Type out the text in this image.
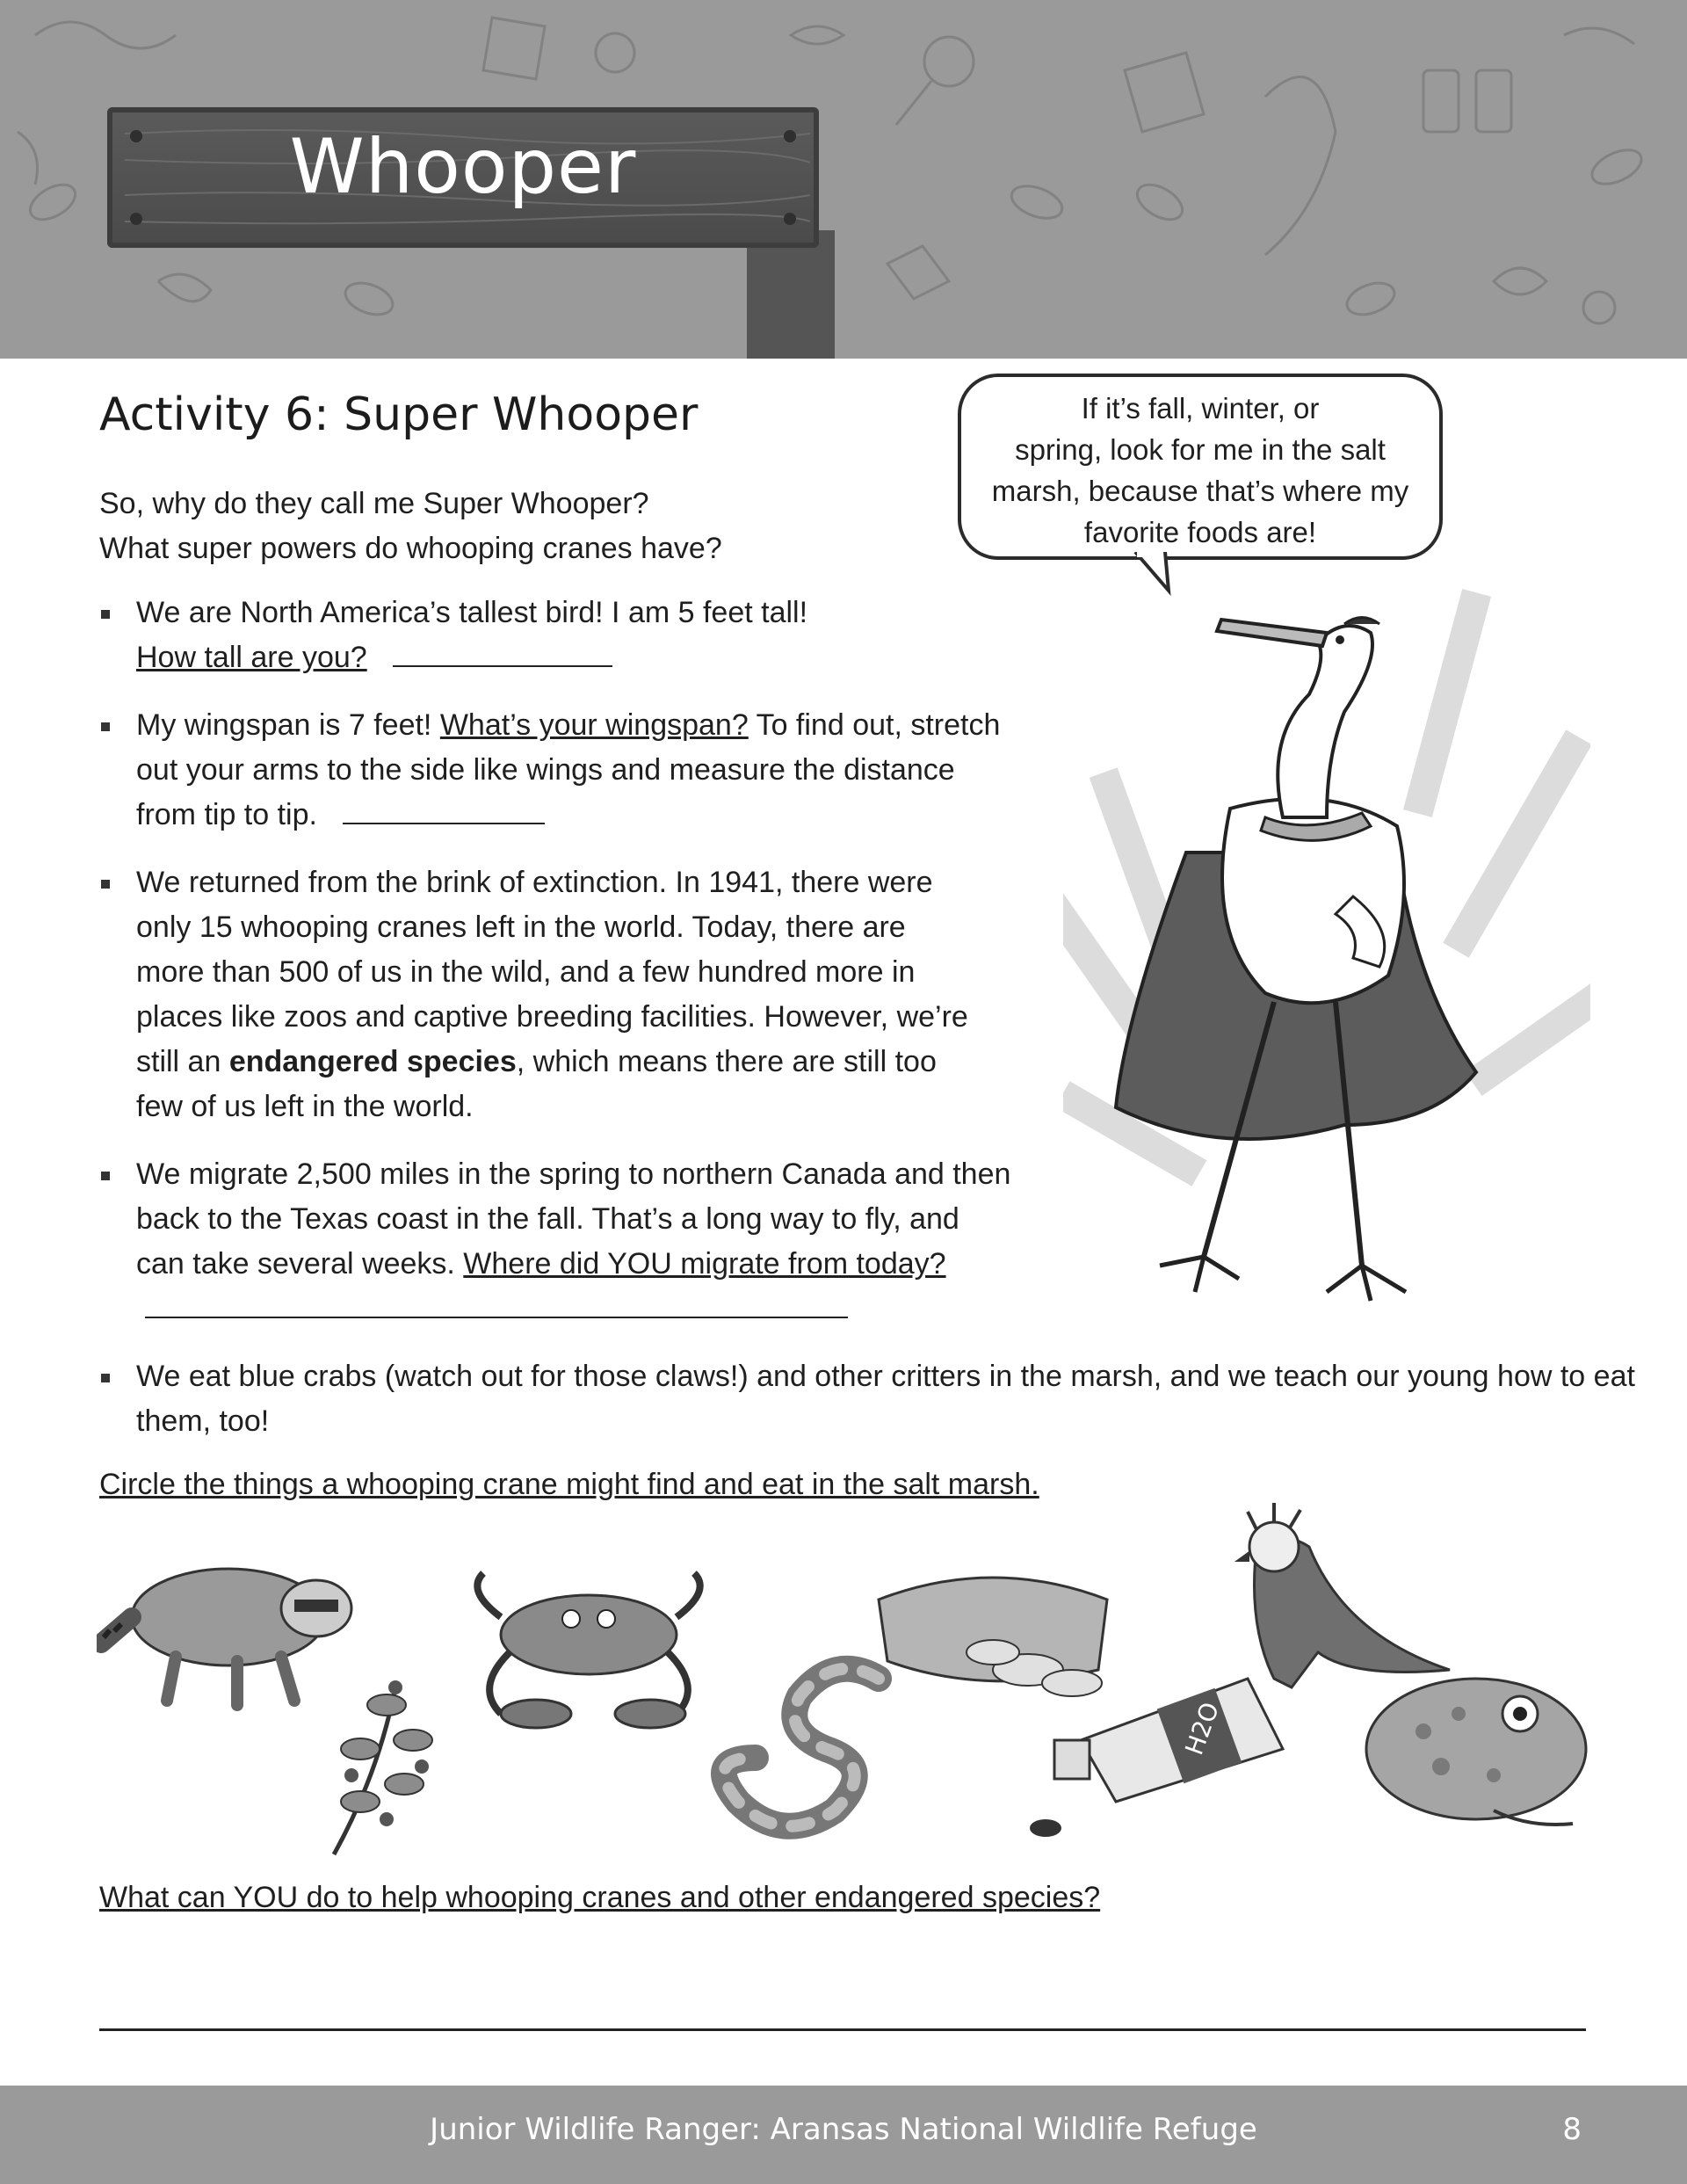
Whooper
Activity 6: Super Whooper
So, why do they call me Super Whooper?
What super powers do whooping cranes have?
We are North America’s tallest bird! I am 5 feet tall!
How tall are you?
My wingspan is 7 feet! What’s your wingspan? To find out, stretch out your arms to the side like wings and measure the distance from tip to tip.
We returned from the brink of extinction. In 1941, there were only 15 whooping cranes left in the world. Today, there are more than 500 of us in the wild, and a few hundred more in places like zoos and captive breeding facilities. However, we’re still an endangered species, which means there are still too few of us left in the world.
We migrate 2,500 miles in the spring to northern Canada and then back to the Texas coast in the fall. That’s a long way to fly, and can take several weeks. Where did YOU migrate from today?
We eat blue crabs (watch out for those claws!) and other critters in the marsh, and we teach our young how to eat them, too!
If it’s fall, winter, or
spring, look for me in the salt
marsh, because that’s where my
favorite foods are!
Circle the things a whooping crane might find and eat in the salt marsh.
H2O
What can YOU do to help whooping cranes and other endangered species?
Junior Wildlife Ranger: Aransas National Wildlife Refuge	8
